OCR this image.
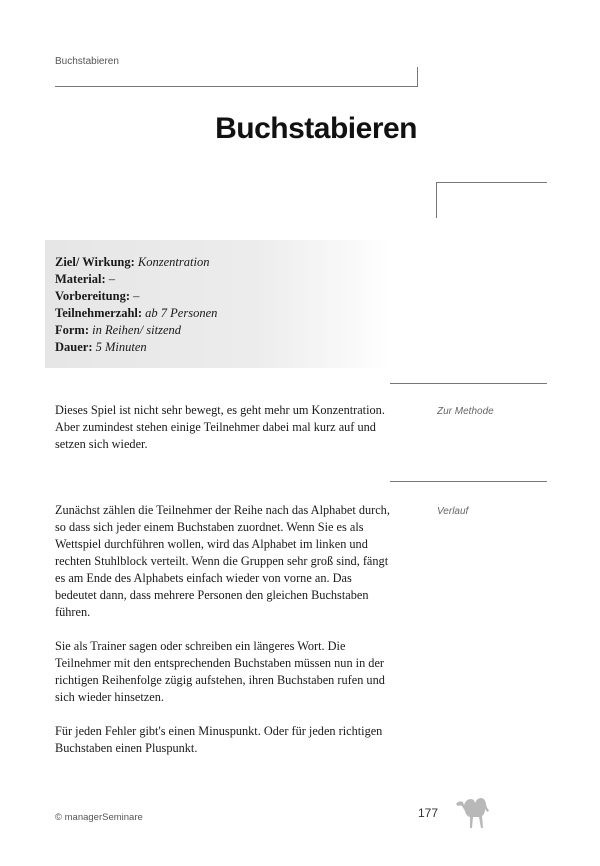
Buchstabieren
Buchstabieren
Ziel/ Wirkung: Konzentration
Material: –
Vorbereitung: –
Teilnehmerzahl: ab 7 Personen
Form: in Reihen/ sitzend
Dauer: 5 Minuten

Dieses Spiel ist nicht sehr bewegt, es geht mehr um Konzentration. Aber zumindest stehen einige Teilnehmer dabei mal kurz auf und setzen sich wieder.

Zur Methode

Zunächst zählen die Teilnehmer der Reihe nach das Alphabet durch, so dass sich jeder einem Buchstaben zuordnet. Wenn Sie es als Wettspiel durchführen wollen, wird das Alphabet im linken und rechten Stuhlblock verteilt. Wenn die Gruppen sehr groß sind, fängt es am Ende des Alphabets einfach wieder von vorne an. Das bedeutet dann, dass mehrere Personen den gleichen Buchstaben führen.

Sie als Trainer sagen oder schreiben ein längeres Wort. Die Teilnehmer mit den entsprechenden Buchstaben müssen nun in der richtigen Reihenfolge zügig aufstehen, ihren Buchstaben rufen und sich wieder hinsetzen.

Für jeden Fehler gibt's einen Minuspunkt. Oder für jeden richtigen Buchstaben einen Pluspunkt.

Verlauf
© managerSeminare	177
